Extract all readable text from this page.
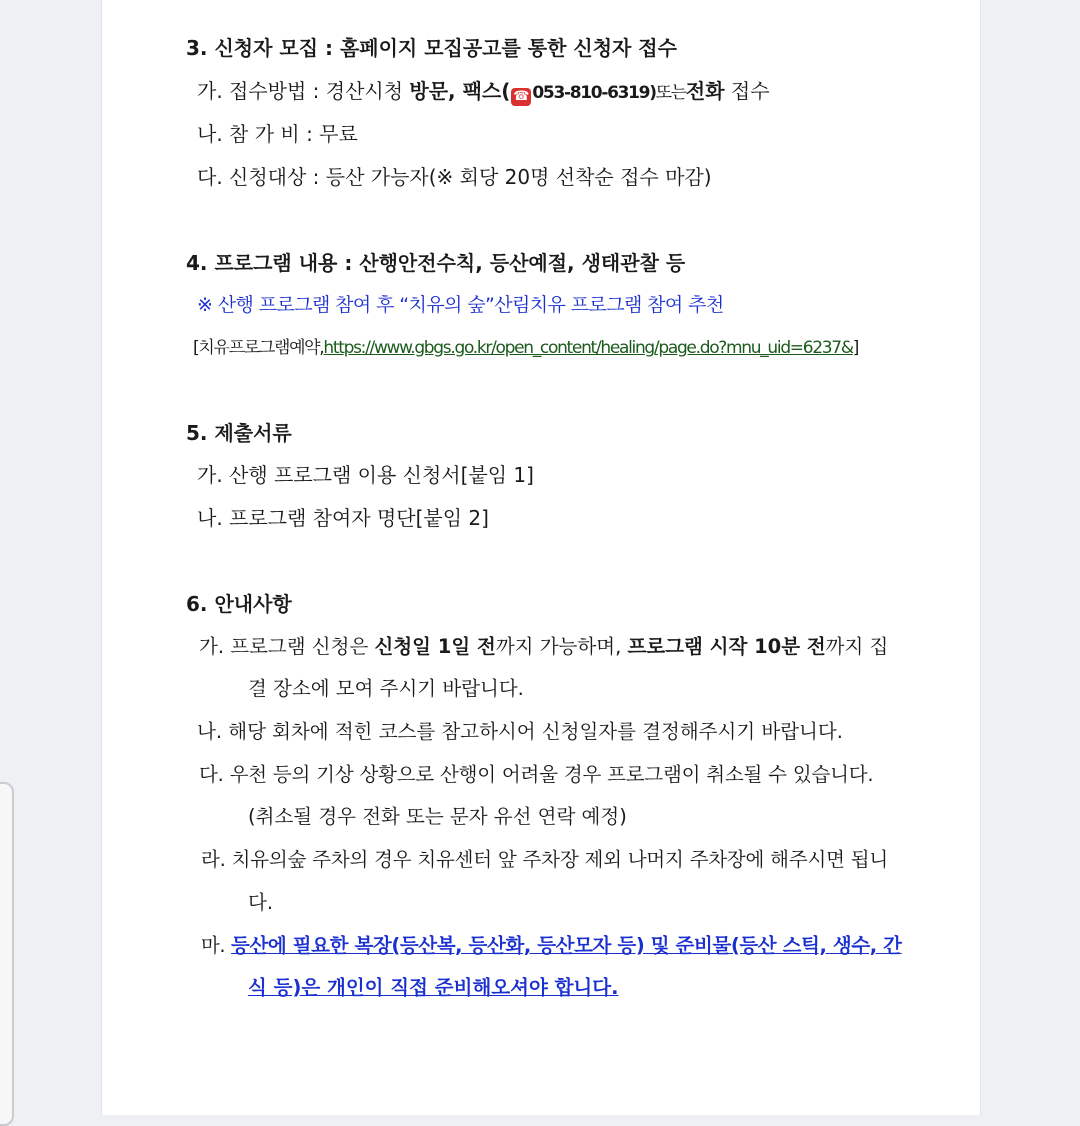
3. 신청자 모집 : 홈페이지 모집공고를 통한 신청자 접수
가. 접수방법 : 경산시청 방문, 팩스( ☎ 053-810-6319)또는전화 접수
나. 참 가 비 : 무료
다. 신청대상 : 등산 가능자(※ 회당 20명 선착순 접수 마감)
4. 프로그램 내용 : 산행안전수칙, 등산예절, 생태관찰 등
※ 산행 프로그램 참여 후 “치유의 숲”산림치유 프로그램 참여 추천
[치유프로그램예약,https://www.gbgs.go.kr/open_content/healing/page.do?mnu_uid=6237&]
5. 제출서류
가. 산행 프로그램 이용 신청서[붙임 1]
나. 프로그램 참여자 명단[붙임 2]
6. 안내사항
가. 프로그램 신청은 신청일 1일 전까지 가능하며, 프로그램 시작 10분 전까지 집
결 장소에 모여 주시기 바랍니다.
나. 해당 회차에 적힌 코스를 참고하시어 신청일자를 결정해주시기 바랍니다.
다. 우천 등의 기상 상황으로 산행이 어려울 경우 프로그램이 취소될 수 있습니다.
(취소될 경우 전화 또는 문자 유선 연락 예정)
라. 치유의숲 주차의 경우 치유센터 앞 주차장 제외 나머지 주차장에 해주시면 됩니
다.
마. 등산에 필요한 복장(등산복, 등산화, 등산모자 등) 및 준비물(등산 스틱, 생수, 간
식 등)은 개인이 직접 준비해오셔야 합니다.
